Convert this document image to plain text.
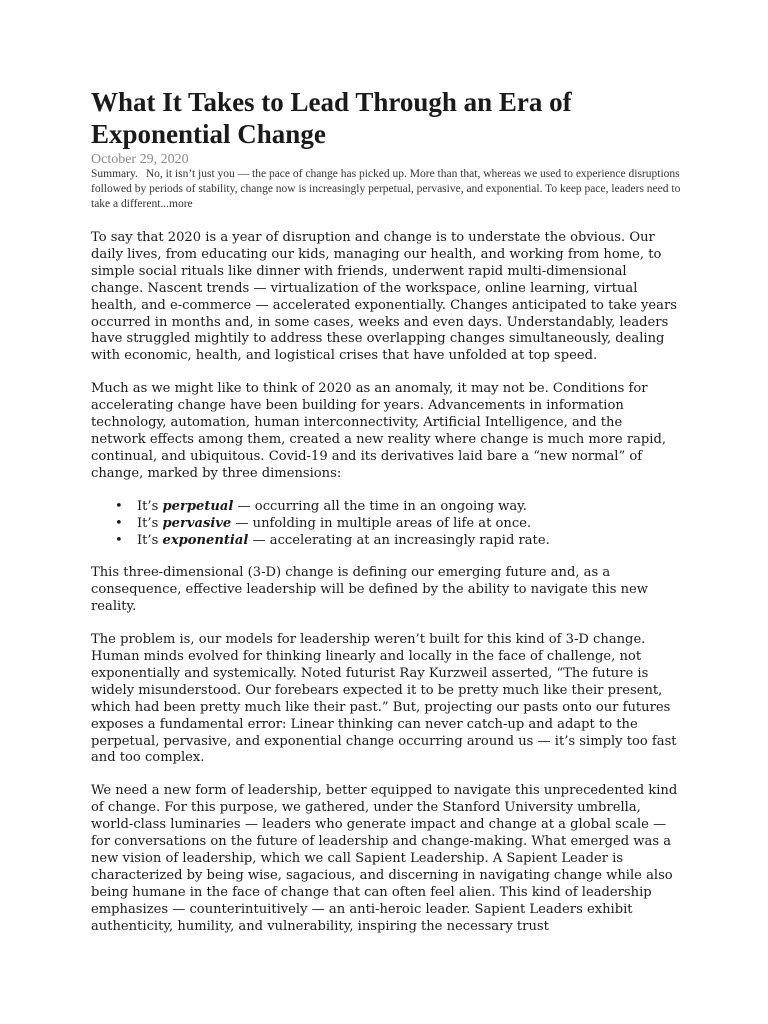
What It Takes to Lead Through an Era of Exponential Change
October 29, 2020

Summary. No, it isn’t just you — the pace of change has picked up. More than that, whereas we used to experience disruptions followed by periods of stability, change now is increasingly perpetual, pervasive, and exponential. To keep pace, leaders need to take a different...more

To say that 2020 is a year of disruption and change is to understate the obvious. Our daily lives, from educating our kids, managing our health, and working from home, to simple social rituals like dinner with friends, underwent rapid multi-dimensional change. Nascent trends — virtualization of the workspace, online learning, virtual health, and e-commerce — accelerated exponentially. Changes anticipated to take years occurred in months and, in some cases, weeks and even days. Understandably, leaders have struggled mightily to address these overlapping changes simultaneously, dealing with economic, health, and logistical crises that have unfolded at top speed.

Much as we might like to think of 2020 as an anomaly, it may not be. Conditions for accelerating change have been building for years. Advancements in information technology, automation, human interconnectivity, Artificial Intelligence, and the network effects among them, created a new reality where change is much more rapid, continual, and ubiquitous. Covid-19 and its derivatives laid bare a “new normal” of change, marked by three dimensions:

• It’s perpetual — occurring all the time in an ongoing way.
• It’s pervasive — unfolding in multiple areas of life at once.
• It’s exponential — accelerating at an increasingly rapid rate.

This three-dimensional (3-D) change is defining our emerging future and, as a consequence, effective leadership will be defined by the ability to navigate this new reality.

The problem is, our models for leadership weren’t built for this kind of 3-D change. Human minds evolved for thinking linearly and locally in the face of challenge, not exponentially and systemically. Noted futurist Ray Kurzweil asserted, “The future is widely misunderstood. Our forebears expected it to be pretty much like their present, which had been pretty much like their past.” But, projecting our pasts onto our futures exposes a fundamental error: Linear thinking can never catch-up and adapt to the perpetual, pervasive, and exponential change occurring around us — it’s simply too fast and too complex.

We need a new form of leadership, better equipped to navigate this unprecedented kind of change. For this purpose, we gathered, under the Stanford University umbrella, world-class luminaries — leaders who generate impact and change at a global scale — for conversations on the future of leadership and change-making. What emerged was a new vision of leadership, which we call Sapient Leadership. A Sapient Leader is characterized by being wise, sagacious, and discerning in navigating change while also being humane in the face of change that can often feel alien. This kind of leadership emphasizes — counterintuitively — an anti-heroic leader. Sapient Leaders exhibit authenticity, humility, and vulnerability, inspiring the necessary trust
